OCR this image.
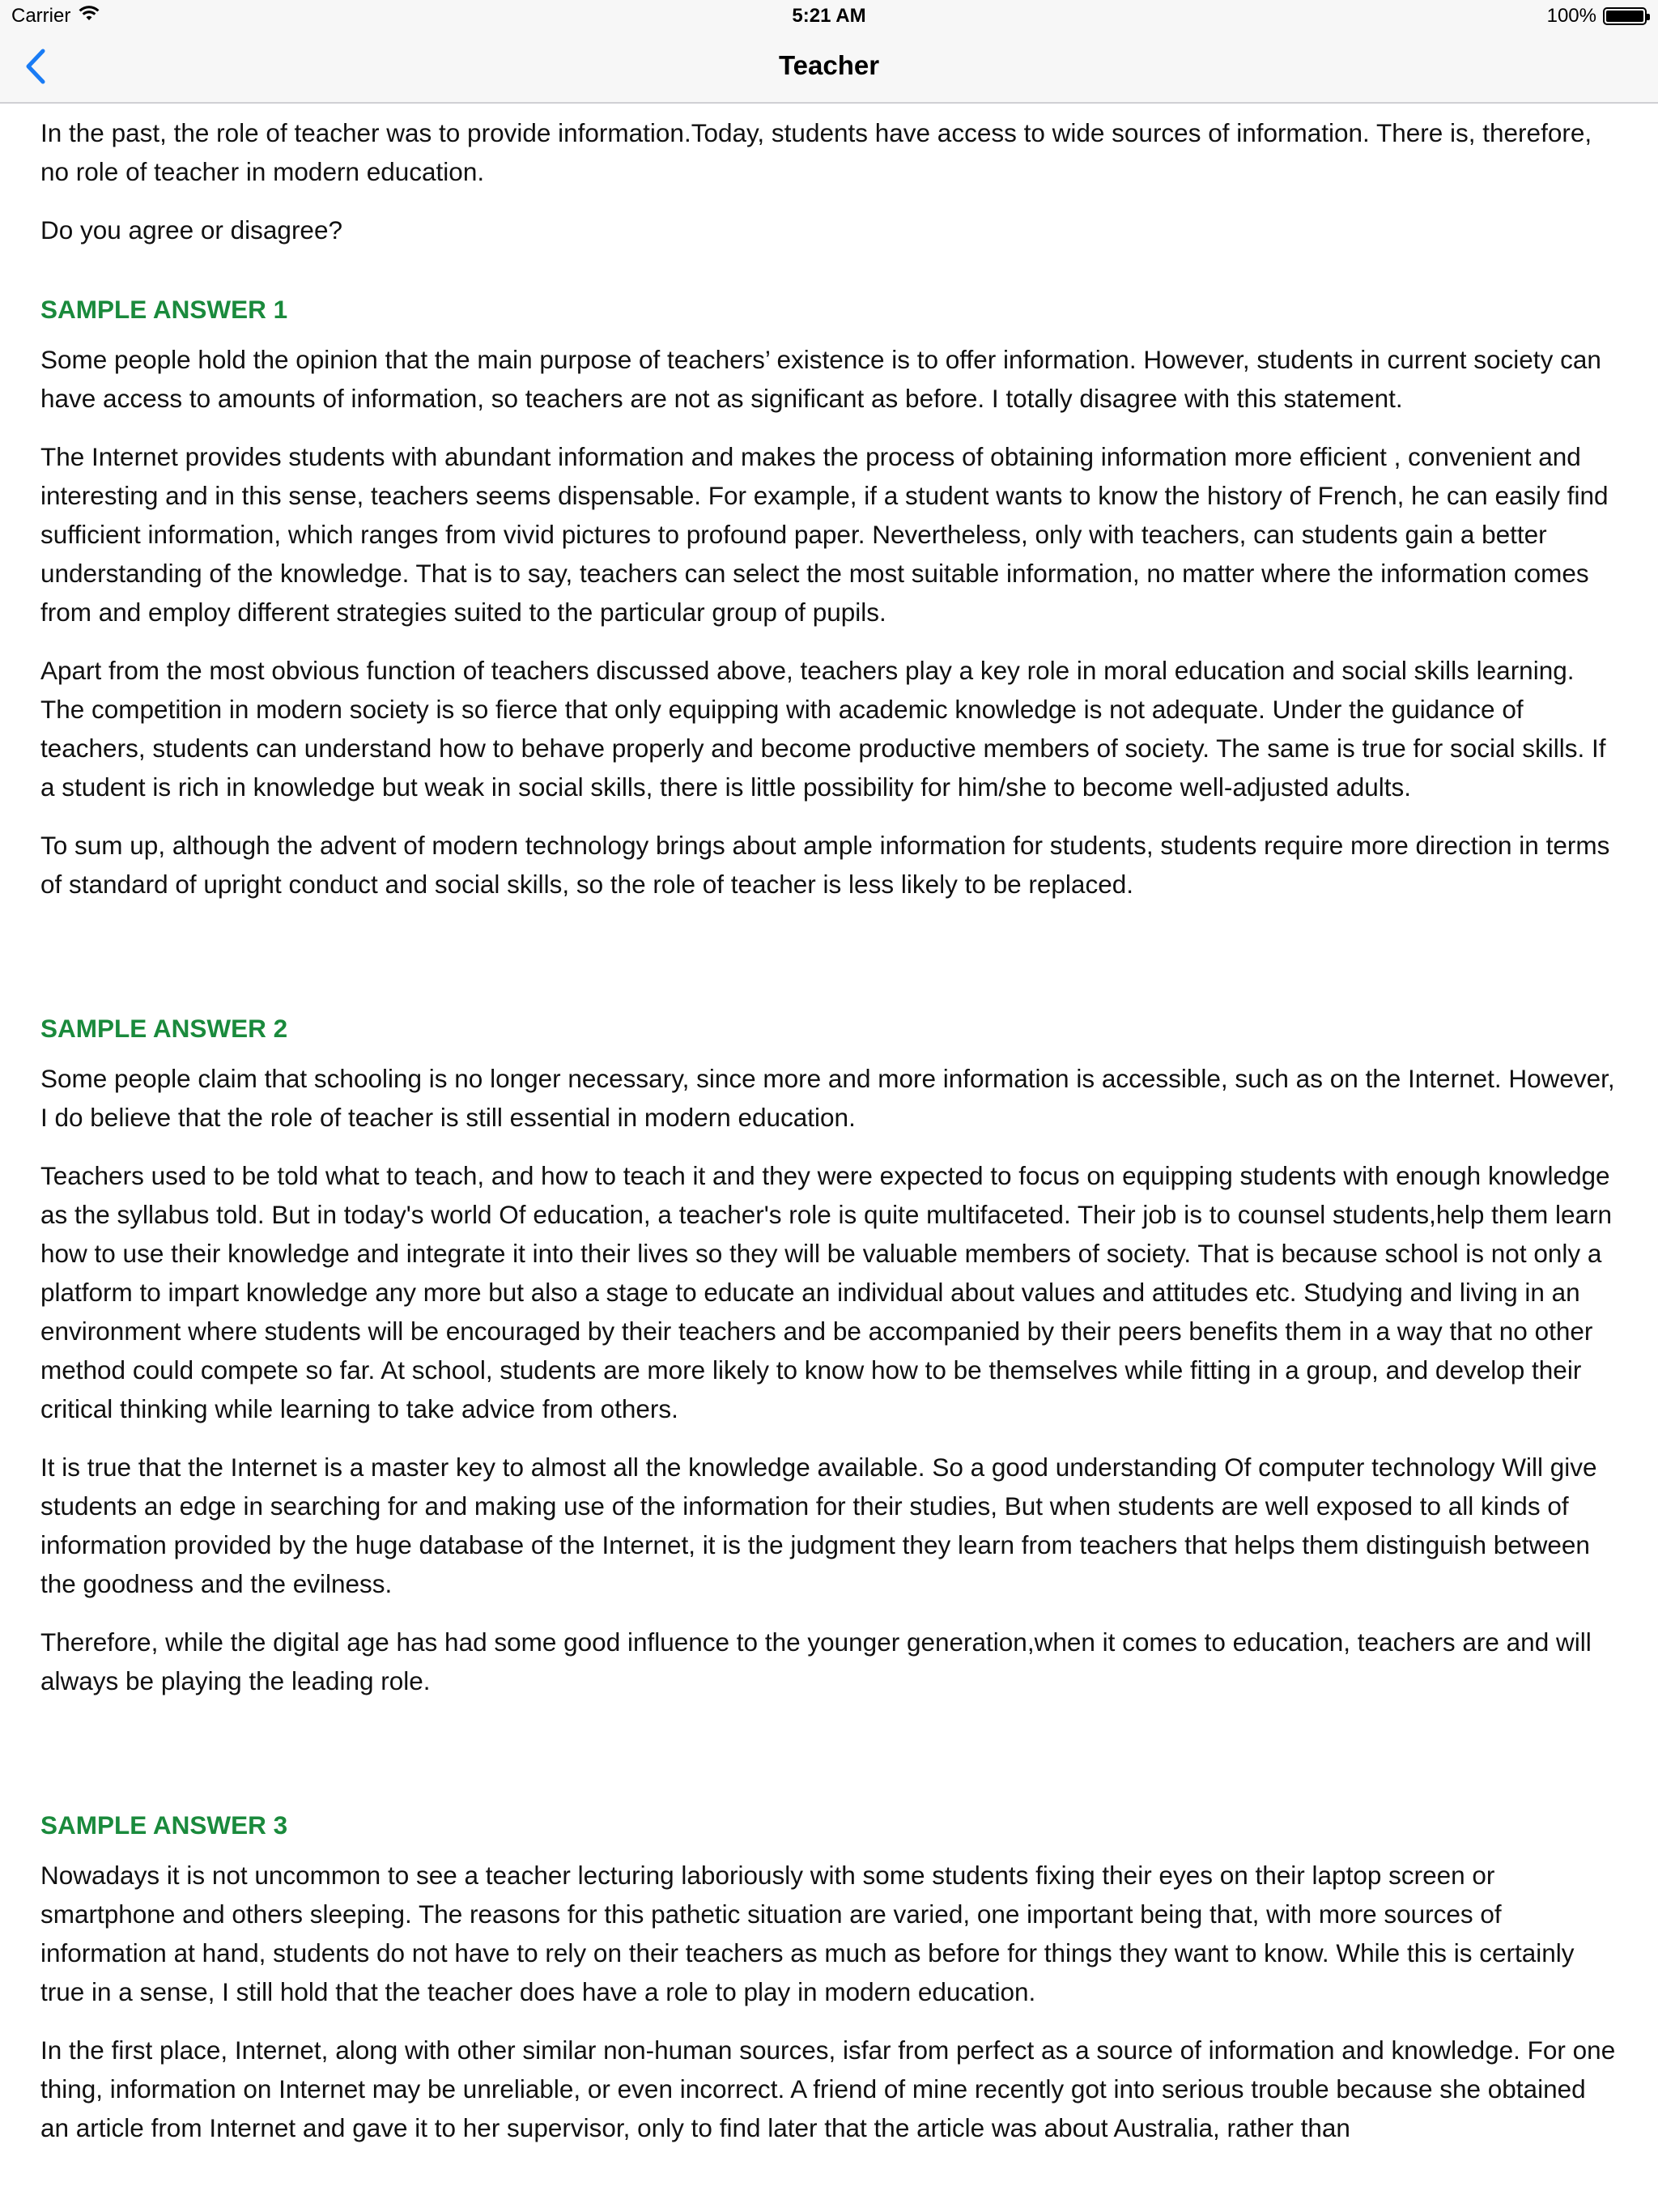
Carrier	5:21 AM	100%
Teacher

In the past, the role of teacher was to provide information.Today, students have access to wide sources of information. There is, therefore, no role of teacher in modern education.

Do you agree or disagree?

SAMPLE ANSWER 1

Some people hold the opinion that the main purpose of teachers’ existence is to offer information. However, students in current society can have access to amounts of information, so teachers are not as significant as before. I totally disagree with this statement.

The Internet provides students with abundant information and makes the process of obtaining information more efficient , convenient and interesting and in this sense, teachers seems dispensable. For example, if a student wants to know the history of French, he can easily find sufficient information, which ranges from vivid pictures to profound paper. Nevertheless, only with teachers, can students gain a better understanding of the knowledge. That is to say, teachers can select the most suitable information, no matter where the information comes from and employ different strategies suited to the particular group of pupils.

Apart from the most obvious function of teachers discussed above, teachers play a key role in moral education and social skills learning. The competition in modern society is so fierce that only equipping with academic knowledge is not adequate. Under the guidance of teachers, students can understand how to behave properly and become productive members of society. The same is true for social skills. If a student is rich in knowledge but weak in social skills, there is little possibility for him/she to become well-adjusted adults.

To sum up, although the advent of modern technology brings about ample information for students, students require more direction in terms of standard of upright conduct and social skills, so the role of teacher is less likely to be replaced.

SAMPLE ANSWER 2

Some people claim that schooling is no longer necessary, since more and more information is accessible, such as on the Internet. However, I do believe that the role of teacher is still essential in modern education.

Teachers used to be told what to teach, and how to teach it and they were expected to focus on equipping students with enough knowledge as the syllabus told. But in today's world Of education, a teacher's role is quite multifaceted. Their job is to counsel students,help them learn how to use their knowledge and integrate it into their lives so they will be valuable members of society. That is because school is not only a platform to impart knowledge any more but also a stage to educate an individual about values and attitudes etc. Studying and living in an environment where students will be encouraged by their teachers and be accompanied by their peers benefits them in a way that no other method could compete so far. At school, students are more likely to know how to be themselves while fitting in a group, and develop their critical thinking while learning to take advice from others.

It is true that the Internet is a master key to almost all the knowledge available. So a good understanding Of computer technology Will give students an edge in searching for and making use of the information for their studies, But when students are well exposed to all kinds of information provided by the huge database of the Internet, it is the judgment they learn from teachers that helps them distinguish between the goodness and the evilness.

Therefore, while the digital age has had some good influence to the younger generation,when it comes to education, teachers are and will always be playing the leading role.

SAMPLE ANSWER 3

Nowadays it is not uncommon to see a teacher lecturing laboriously with some students fixing their eyes on their laptop screen or smartphone and others sleeping. The reasons for this pathetic situation are varied, one important being that, with more sources of information at hand, students do not have to rely on their teachers as much as before for things they want to know. While this is certainly true in a sense, I still hold that the teacher does have a role to play in modern education.

In the first place, Internet, along with other similar non-human sources, isfar from perfect as a source of information and knowledge. For one thing, information on Internet may be unreliable, or even incorrect. A friend of mine recently got into serious trouble because she obtained an article from Internet and gave it to her supervisor, only to find later that the article was about Australia, rather than
